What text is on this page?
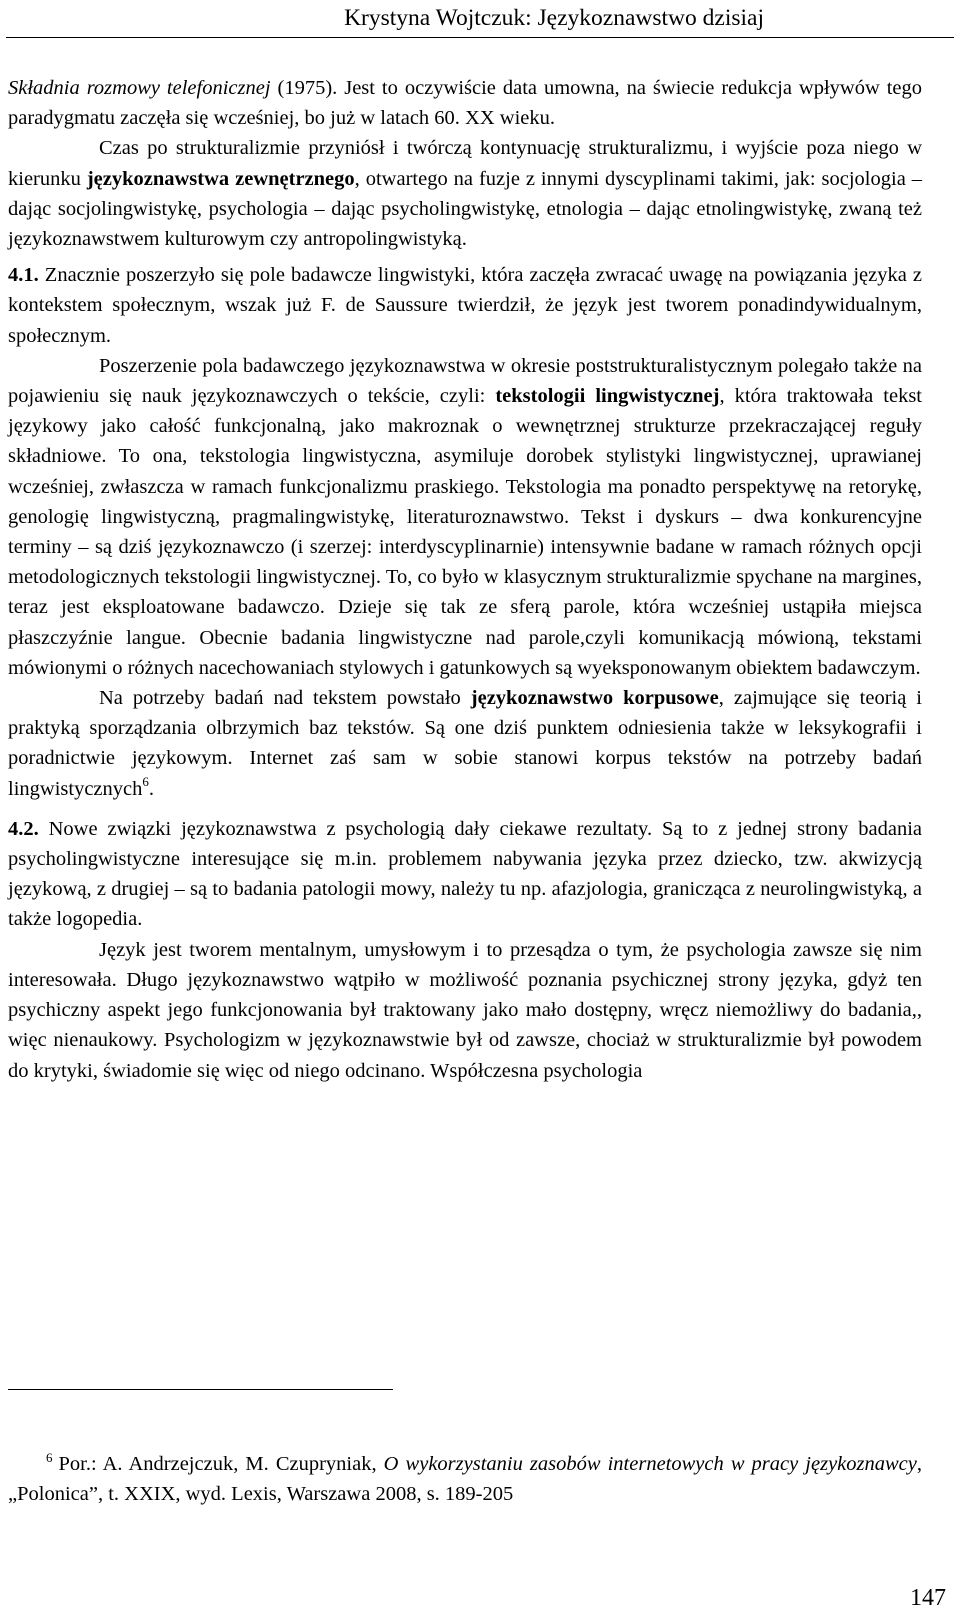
Krystyna Wojtczuk: Językoznawstwo dzisiaj

Składnia rozmowy telefonicznej (1975). Jest to oczywiście data umowna, na świecie redukcja wpływów tego paradygmatu zaczęła się wcześniej, bo już w latach 60. XX wieku.

Czas po strukturalizmie przyniósł i twórczą kontynuację strukturalizmu, i wyjście poza niego w kierunku językoznawstwa zewnętrznego, otwartego na fuzje z innymi dyscyplinami takimi, jak: socjologia – dając socjolingwistykę, psychologia – dając psycholingwistykę, etnologia – dając etnolingwistykę, zwaną też językoznawstwem kulturowym czy antropolingwistyką.

4.1. Znacznie poszerzyło się pole badawcze lingwistyki, która zaczęła zwracać uwagę na powiązania języka z kontekstem społecznym, wszak już F. de Saussure twierdził, że język jest tworem ponadindywidualnym, społecznym.

Poszerzenie pola badawczego językoznawstwa w okresie poststrukturalistycznym polegało także na pojawieniu się nauk językoznawczych o tekście, czyli: tekstologii lingwistycznej, która traktowała tekst językowy jako całość funkcjonalną, jako makroznak o wewnętrznej strukturze przekraczającej reguły składniowe. To ona, tekstologia lingwistyczna, asymiluje dorobek stylistyki lingwistycznej, uprawianej wcześniej, zwłaszcza w ramach funkcjonalizmu praskiego. Tekstologia ma ponadto perspektywę na retorykę, genologię lingwistyczną, pragmalingwistykę, literaturoznawstwo. Tekst i dyskurs – dwa konkurencyjne terminy – są dziś językoznawczo (i szerzej: interdyscyplinarnie) intensywnie badane w ramach różnych opcji metodologicznych tekstologii lingwistycznej. To, co było w klasycznym strukturalizmie spychane na margines, teraz jest eksploatowane badawczo. Dzieje się tak ze sferą parole, która wcześniej ustąpiła miejsca płaszczyźnie langue. Obecnie badania lingwistyczne nad parole,czyli komunikacją mówioną, tekstami mówionymi o różnych nacechowaniach stylowych i gatunkowych są wyeksponowanym obiektem badawczym.

Na potrzeby badań nad tekstem powstało językoznawstwo korpusowe, zajmujące się teorią i praktyką sporządzania olbrzymich baz tekstów. Są one dziś punktem odniesienia także w leksykografii i poradnictwie językowym. Internet zaś sam w sobie stanowi korpus tekstów na potrzeby badań lingwistycznych$^6$.

4.2. Nowe związki językoznawstwa z psychologią dały ciekawe rezultaty. Są to z jednej strony badania psycholingwistyczne interesujące się m.in. problemem nabywania języka przez dziecko, tzw. akwizycją językową, z drugiej – są to badania patologii mowy, należy tu np. afazjologia, granicząca z neurolingwistyką, a także logopedia.

Język jest tworem mentalnym, umysłowym i to przesądza o tym, że psychologia zawsze się nim interesowała. Długo językoznawstwo wątpiło w możliwość poznania psychicznej strony języka, gdyż ten psychiczny aspekt jego funkcjonowania był traktowany jako mało dostępny, wręcz niemożliwy do badania,, więc nienaukowy. Psychologizm w językoznawstwie był od zawsze, chociaż w strukturalizmie był powodem do krytyki, świadomie się więc od niego odcinano. Współczesna psychologia

$^6$ Por.: A. Andrzejczuk, M. Czupryniak, O wykorzystaniu zasobów internetowych w pracy językoznawcy, „Polonica”, t. XXIX, wyd. Lexis, Warszawa 2008, s. 189-205
147
